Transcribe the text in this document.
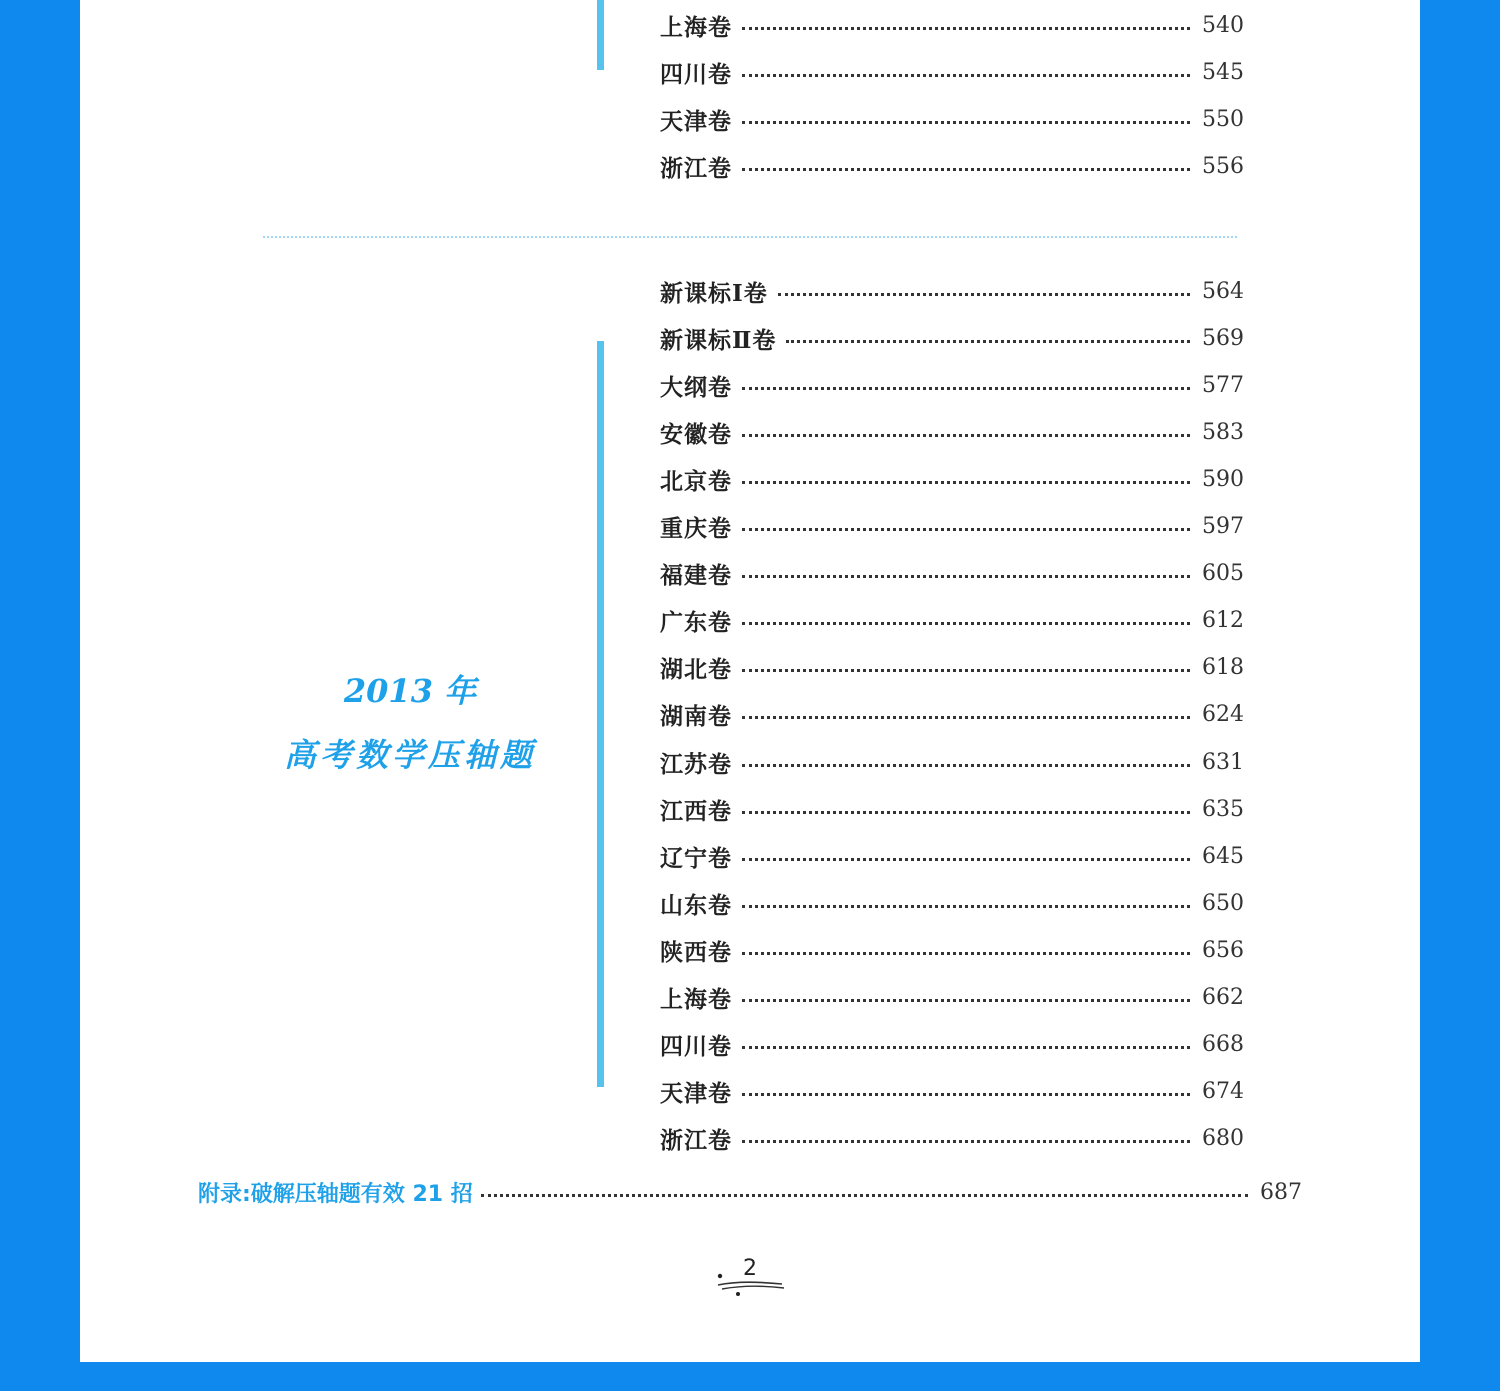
上海卷	540
四川卷	545
天津卷	550
浙江卷	556
2013 年
高考数学压轴题
新课标Ⅰ卷	564
新课标Ⅱ卷	569
大纲卷	577
安徽卷	583
北京卷	590
重庆卷	597
福建卷	605
广东卷	612
湖北卷	618
湖南卷	624
江苏卷	631
江西卷	635
辽宁卷	645
山东卷	650
陕西卷	656
上海卷	662
四川卷	668
天津卷	674
浙江卷	680
附录:破解压轴题有效 21 招	687
2
